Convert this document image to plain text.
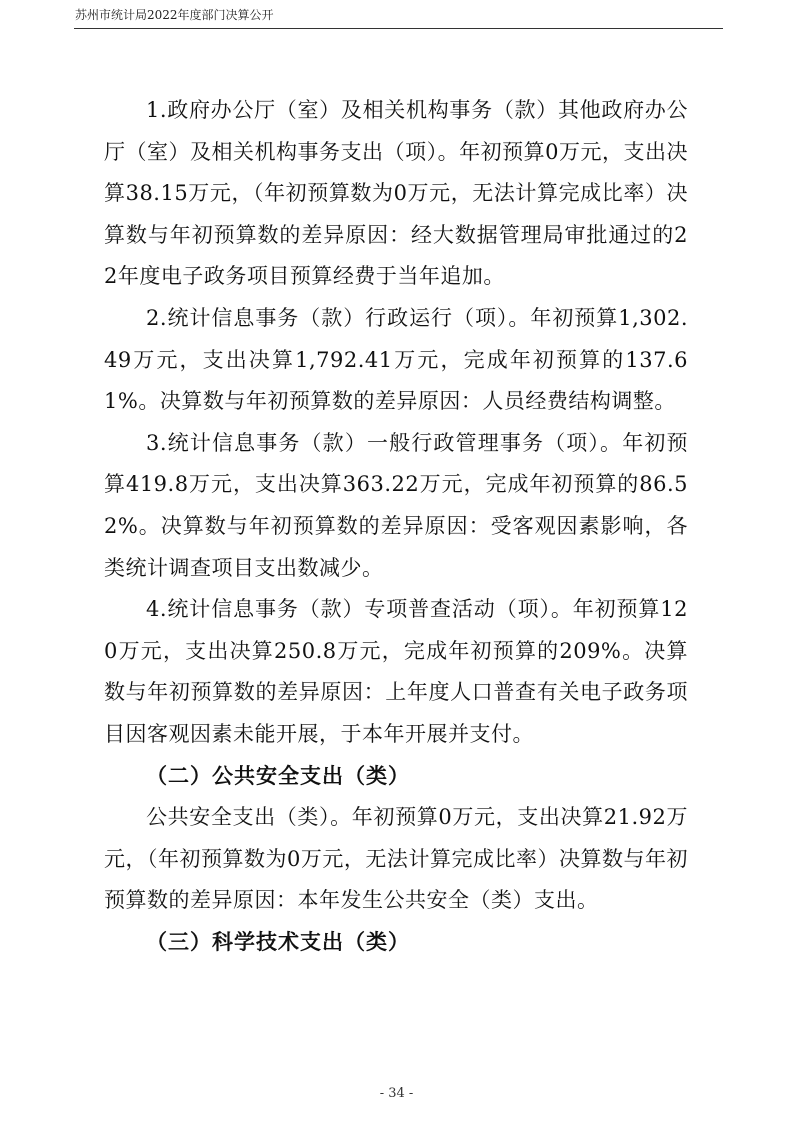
苏州市统计局2022年度部门决算公开

1.政府办公厅（室）及相关机构事务（款）其他政府办公厅（室）及相关机构事务支出（项）。年初预算0万元，支出决算38.15万元，（年初预算数为0万元，无法计算完成比率）决算数与年初预算数的差异原因：经大数据管理局审批通过的22年度电子政务项目预算经费于当年追加。

2.统计信息事务（款）行政运行（项）。年初预算1,302.49万元，支出决算1,792.41万元，完成年初预算的137.61%。决算数与年初预算数的差异原因：人员经费结构调整。

3.统计信息事务（款）一般行政管理事务（项）。年初预算419.8万元，支出决算363.22万元，完成年初预算的86.52%。决算数与年初预算数的差异原因：受客观因素影响，各类统计调查项目支出数减少。

4.统计信息事务（款）专项普查活动（项）。年初预算120万元，支出决算250.8万元，完成年初预算的209%。决算数与年初预算数的差异原因：上年度人口普查有关电子政务项目因客观因素未能开展，于本年开展并支付。

（二）公共安全支出（类）

公共安全支出（类）。年初预算0万元，支出决算21.92万元，（年初预算数为0万元，无法计算完成比率）决算数与年初预算数的差异原因：本年发生公共安全（类）支出。

（三）科学技术支出（类）

- 34 -
